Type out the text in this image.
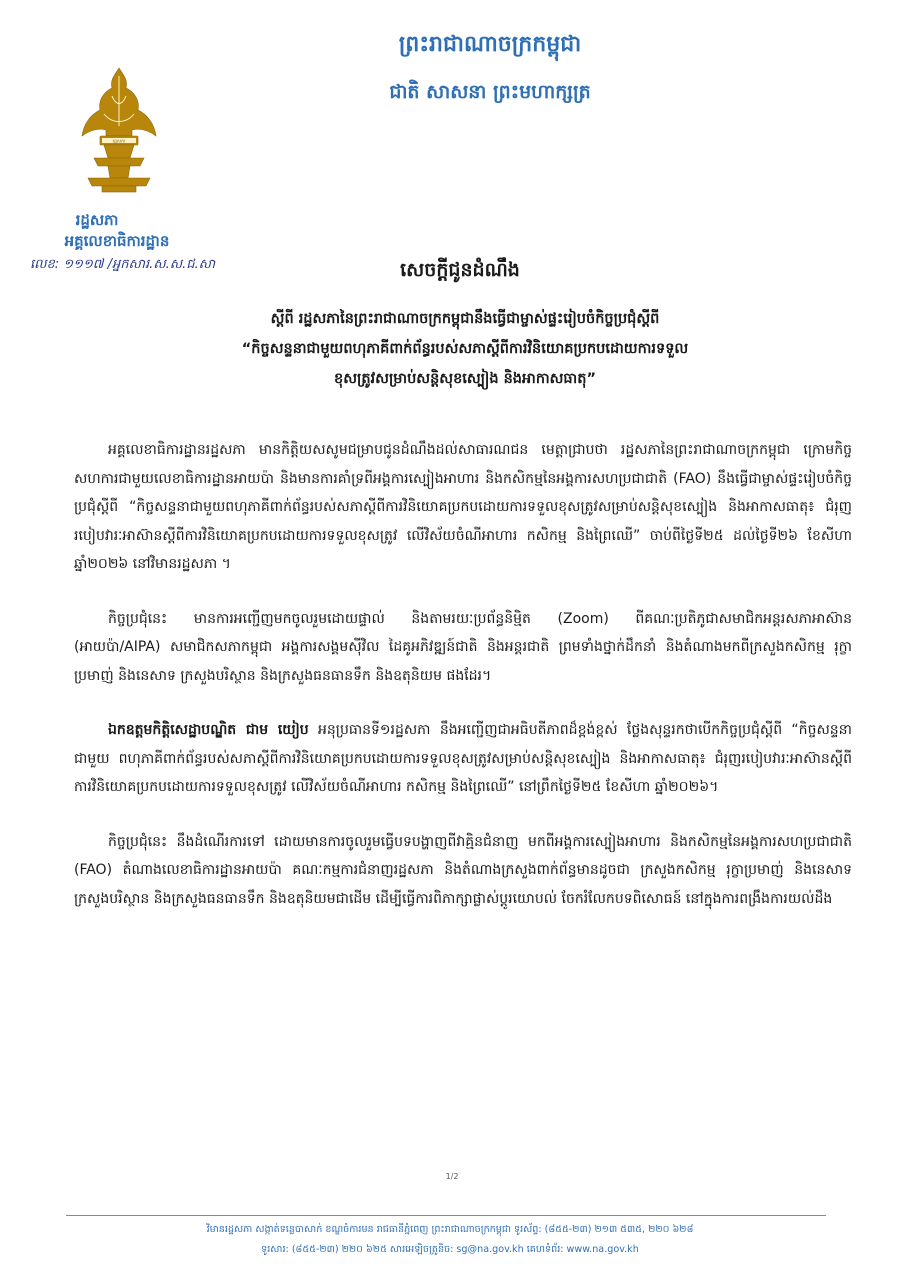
រដ្ឋសភា
រដ្ឋសភា
អគ្គលេខាធិការដ្ឋាន
លេខ: ១១១៧ /អ្នកសារ.ស.ស.ជ.សា
ព្រះរាជាណាចក្រកម្ពុជា
ជាតិ សាសនា ព្រះមហាក្សត្រ
សេចក្ដីជូនដំណឹង
ស្ដីពី រដ្ឋសភានៃព្រះរាជាណាចក្រកម្ពុជានឹងធ្វើជាម្ចាស់ផ្ទះរៀបចំកិច្ចប្រជុំស្ដីពី
“កិច្ចសន្ទនាជាមួយពហុភាគីពាក់ព័ន្ធរបស់សភាស្ដីពីការវិនិយោគប្រកបដោយការទទួល
ខុសត្រូវសម្រាប់សន្តិសុខស្បៀង និងអាកាសធាតុ”

អគ្គលេខាធិការដ្ឋានរដ្ឋសភា មានកិត្តិយសសូមជម្រាបជូនដំណឹងដល់សាធារណជន មេត្តាជ្រាបថា រដ្ឋសភានៃព្រះរាជាណាចក្រកម្ពុជា ក្រោមកិច្ចសហការជាមួយលេខាធិការដ្ឋានអាយប៉ា និងមានការគាំទ្រពីអង្គការស្បៀងអាហារ និងកសិកម្មនៃអង្គការសហប្រជាជាតិ (FAO) នឹងធ្វើជាម្ចាស់ផ្ទះរៀបចំកិច្ចប្រជុំស្ដីពី “កិច្ចសន្ទនាជាមួយពហុភាគីពាក់ព័ន្ធរបស់សភាស្ដីពីការវិនិយោគប្រកបដោយការទទួលខុសត្រូវសម្រាប់សន្តិសុខស្បៀង និងអាកាសធាតុ៖ ជំរុញរបៀបវារៈអាស៊ានស្ដីពីការវិនិយោគប្រកបដោយការទទួលខុសត្រូវ លើវិស័យចំណីអាហារ កសិកម្ម និងព្រៃឈើ” ចាប់ពីថ្ងៃទី២៥ ដល់ថ្ងៃទី២៦ ខែសីហា ឆ្នាំ២០២៦ នៅវិមានរដ្ឋសភា ។

កិច្ចប្រជុំនេះ មានការអញ្ជើញមកចូលរួមដោយផ្ទាល់ និងតាមរយៈប្រព័ន្ធនិម្មិត (Zoom) ពីគណៈប្រតិភូជាសមាជិកអន្តរសភាអាស៊ាន (អាយប៉ា/AIPA) សមាជិកសភាកម្ពុជា អង្គការសង្គមស៊ីវិល ដៃគូអភិវឌ្ឍន៍ជាតិ និងអន្តរជាតិ ព្រមទាំងថ្នាក់ដឹកនាំ និងតំណាងមកពីក្រសួងកសិកម្ម រុក្ខាប្រមាញ់ និងនេសាទ ក្រសួងបរិស្ថាន និងក្រសួងធនធានទឹក និងឧតុនិយម ផងដែរ។

ឯកឧត្ដមកិត្តិសេដ្ឋាបណ្ឌិត ជាម យៀប អនុប្រធានទី១រដ្ឋសភា នឹងអញ្ជើញជាអធិបតីភាពដ៏ខ្ពង់ខ្ពស់ ថ្លែងសុន្ទរកថាបើកកិច្ចប្រជុំស្ដីពី “កិច្ចសន្ទនាជាមួយ ពហុភាគីពាក់ព័ន្ធរបស់សភាស្ដីពីការវិនិយោគប្រកបដោយការទទួលខុសត្រូវសម្រាប់សន្តិសុខស្បៀង និងអាកាសធាតុ៖ ជំរុញរបៀបវារៈអាស៊ានស្ដីពីការវិនិយោគប្រកបដោយការទទួលខុសត្រូវ លើវិស័យចំណីអាហារ កសិកម្ម និងព្រៃឈើ” នៅព្រឹកថ្ងៃទី២៥ ខែសីហា ឆ្នាំ២០២៦។

កិច្ចប្រជុំនេះ នឹងដំណើរការទៅ ដោយមានការចូលរួមធ្វើបទបង្ហាញពីវាគ្មិនជំនាញ មកពីអង្គការស្បៀងអាហារ និងកសិកម្មនៃអង្គការសហប្រជាជាតិ (FAO) តំណាងលេខាធិការដ្ឋានអាយប៉ា គណៈកម្មការជំនាញរដ្ឋសភា និងតំណាងក្រសួងពាក់ព័ន្ធមានដូចជា ក្រសួងកសិកម្ម រុក្ខាប្រមាញ់ និងនេសាទ ក្រសួងបរិស្ថាន និងក្រសួងធនធានទឹក និងឧតុនិយមជាដើម ដើម្បីធ្វើការពិភាក្សាផ្លាស់ប្ដូរយោបល់ ចែករំលែកបទពិសោធន៍ នៅក្នុងការពង្រឹងការយល់ដឹង

1/2
វិមានរដ្ឋសភា សង្កាត់ទន្លេបាសាក់ ខណ្ឌចំការមន រាជធានីភ្នំពេញ ព្រះរាជាណាចក្រកម្ពុជា ទូរស័ព្ទ: (៨៥៥-២៣) ២១៣ ៥៣៥, ២២០ ៦២៨
ទូរសារ: (៨៥៥-២៣) ២២០ ៦២៥ សារអេឡិចត្រូនិច: sg@na.gov.kh គេហទំព័រ: www.na.gov.kh
